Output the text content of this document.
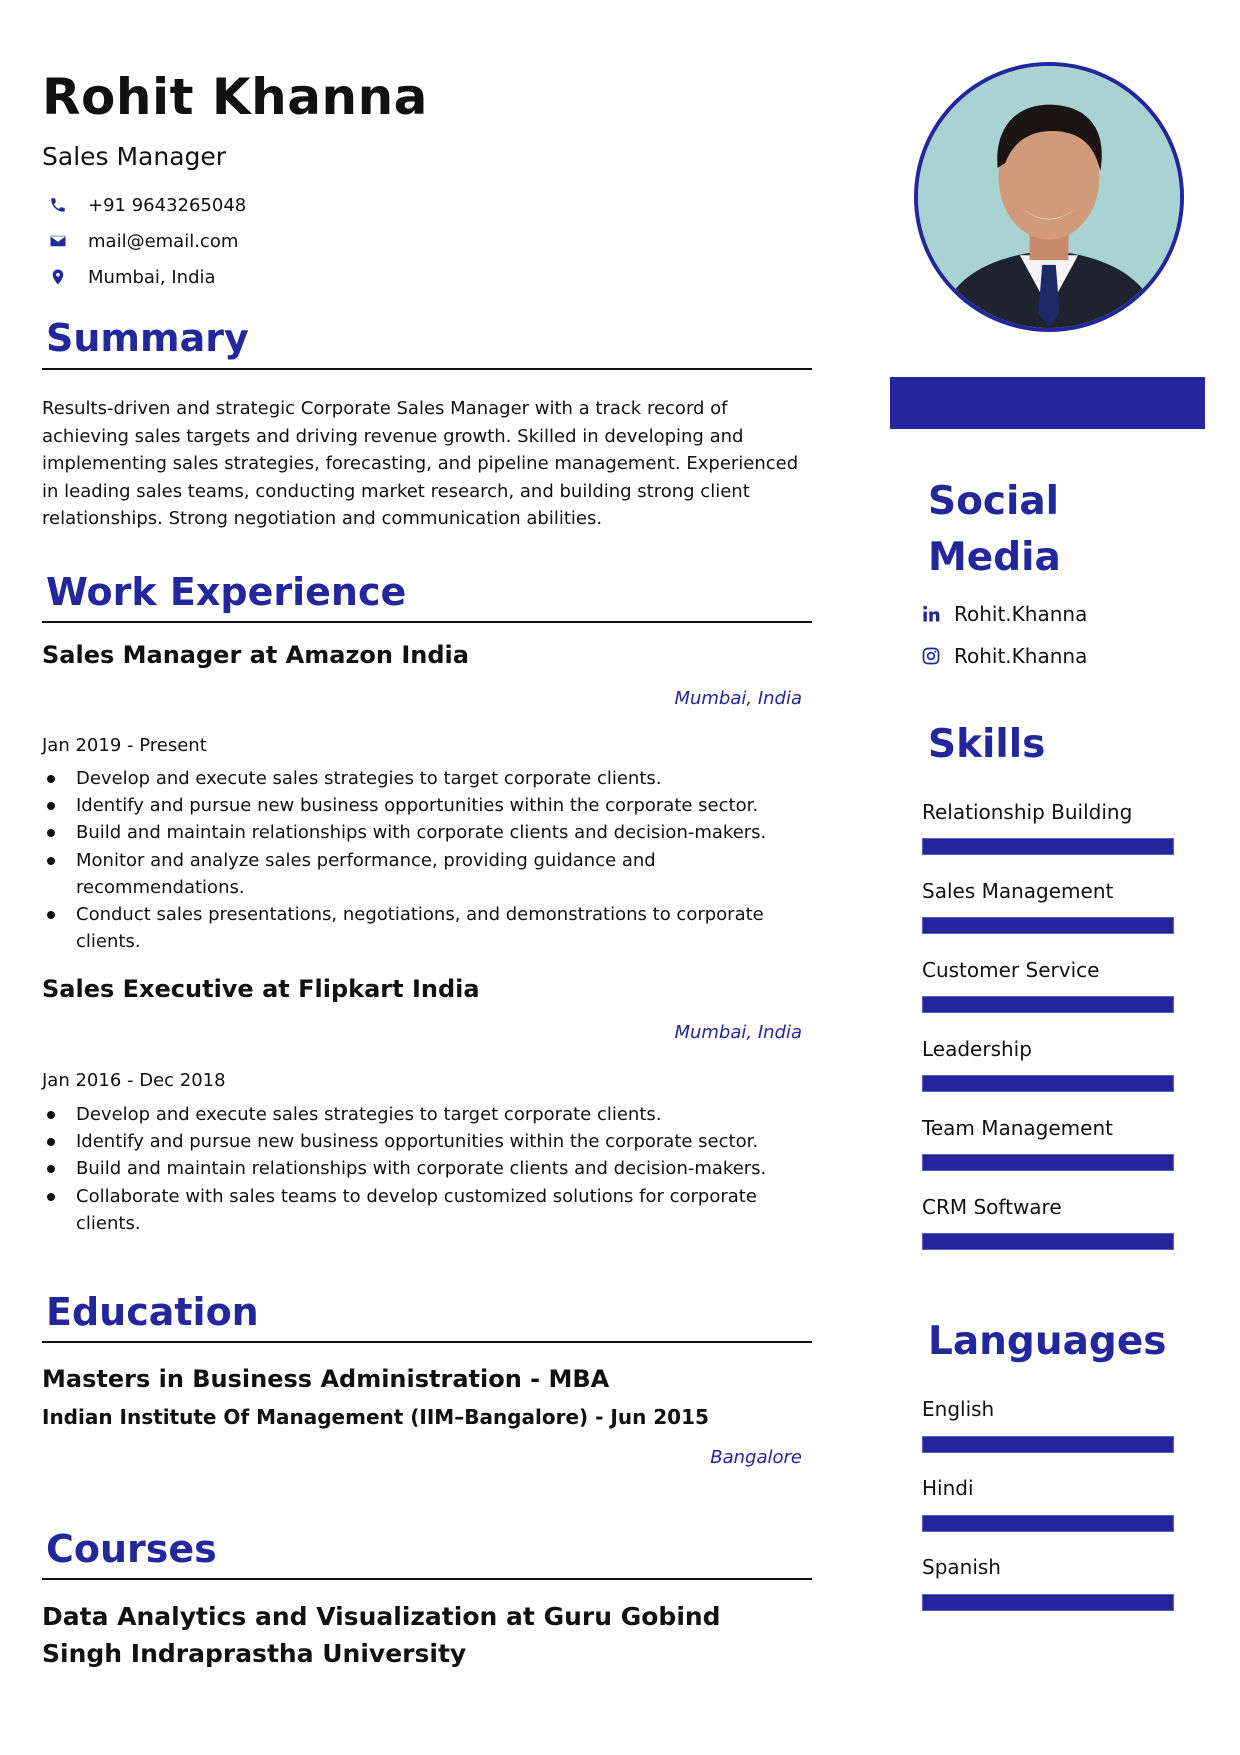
Rohit Khanna
Sales Manager
+91 9643265048
mail@email.com
Mumbai, India
Summary
Results-driven and strategic Corporate Sales Manager with a track record of achieving sales targets and driving revenue growth. Skilled in developing and implementing sales strategies, forecasting, and pipeline management. Experienced in leading sales teams, conducting market research, and building strong client relationships. Strong negotiation and communication abilities.
Work Experience
Sales Manager at Amazon India
Mumbai, India
Jan 2019 - Present
Develop and execute sales strategies to target corporate clients.
Identify and pursue new business opportunities within the corporate sector.
Build and maintain relationships with corporate clients and decision-makers.
Monitor and analyze sales performance, providing guidance and recommendations.
Conduct sales presentations, negotiations, and demonstrations to corporate clients.
Sales Executive at Flipkart India
Mumbai, India
Jan 2016 - Dec 2018
Develop and execute sales strategies to target corporate clients.
Identify and pursue new business opportunities within the corporate sector.
Build and maintain relationships with corporate clients and decision-makers.
Collaborate with sales teams to develop customized solutions for corporate clients.
Education
Masters in Business Administration - MBA
Indian Institute Of Management (IIM–Bangalore) - Jun 2015
Bangalore
Courses
Data Analytics and Visualization at Guru Gobind Singh Indraprastha University
Social
Media
Rohit.Khanna
Rohit.Khanna
Skills
Relationship Building
Sales Management
Customer Service
Leadership
Team Management
CRM Software
Languages
English
Hindi
Spanish
